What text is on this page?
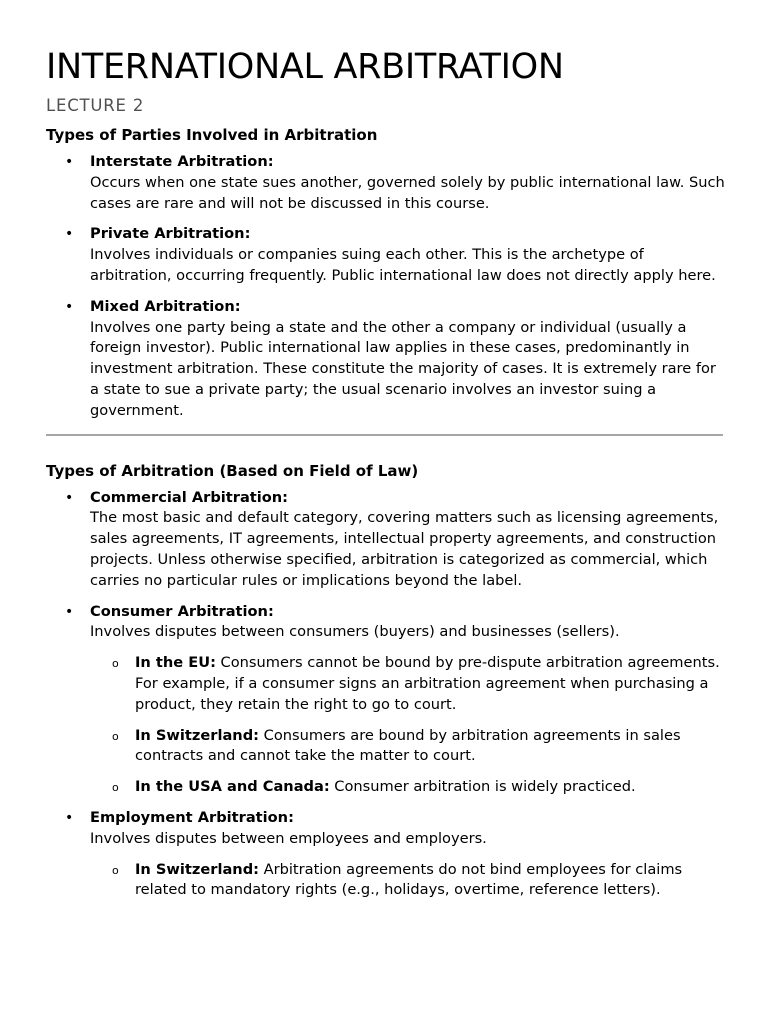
INTERNATIONAL ARBITRATION
LECTURE 2
Types of Parties Involved in Arbitration
• Interstate Arbitration:
Occurs when one state sues another, governed solely by public international law. Such cases are rare and will not be discussed in this course.
• Private Arbitration:
Involves individuals or companies suing each other. This is the archetype of arbitration, occurring frequently. Public international law does not directly apply here.
• Mixed Arbitration:
Involves one party being a state and the other a company or individual (usually a foreign investor). Public international law applies in these cases, predominantly in investment arbitration. These constitute the majority of cases. It is extremely rare for a state to sue a private party; the usual scenario involves an investor suing a government.
Types of Arbitration (Based on Field of Law)
• Commercial Arbitration:
The most basic and default category, covering matters such as licensing agreements, sales agreements, IT agreements, intellectual property agreements, and construction projects. Unless otherwise specified, arbitration is categorized as commercial, which carries no particular rules or implications beyond the label.
• Consumer Arbitration:
Involves disputes between consumers (buyers) and businesses (sellers).
o In the EU: Consumers cannot be bound by pre-dispute arbitration agreements. For example, if a consumer signs an arbitration agreement when purchasing a product, they retain the right to go to court.
o In Switzerland: Consumers are bound by arbitration agreements in sales contracts and cannot take the matter to court.
o In the USA and Canada: Consumer arbitration is widely practiced.
• Employment Arbitration:
Involves disputes between employees and employers.
o In Switzerland: Arbitration agreements do not bind employees for claims related to mandatory rights (e.g., holidays, overtime, reference letters).
